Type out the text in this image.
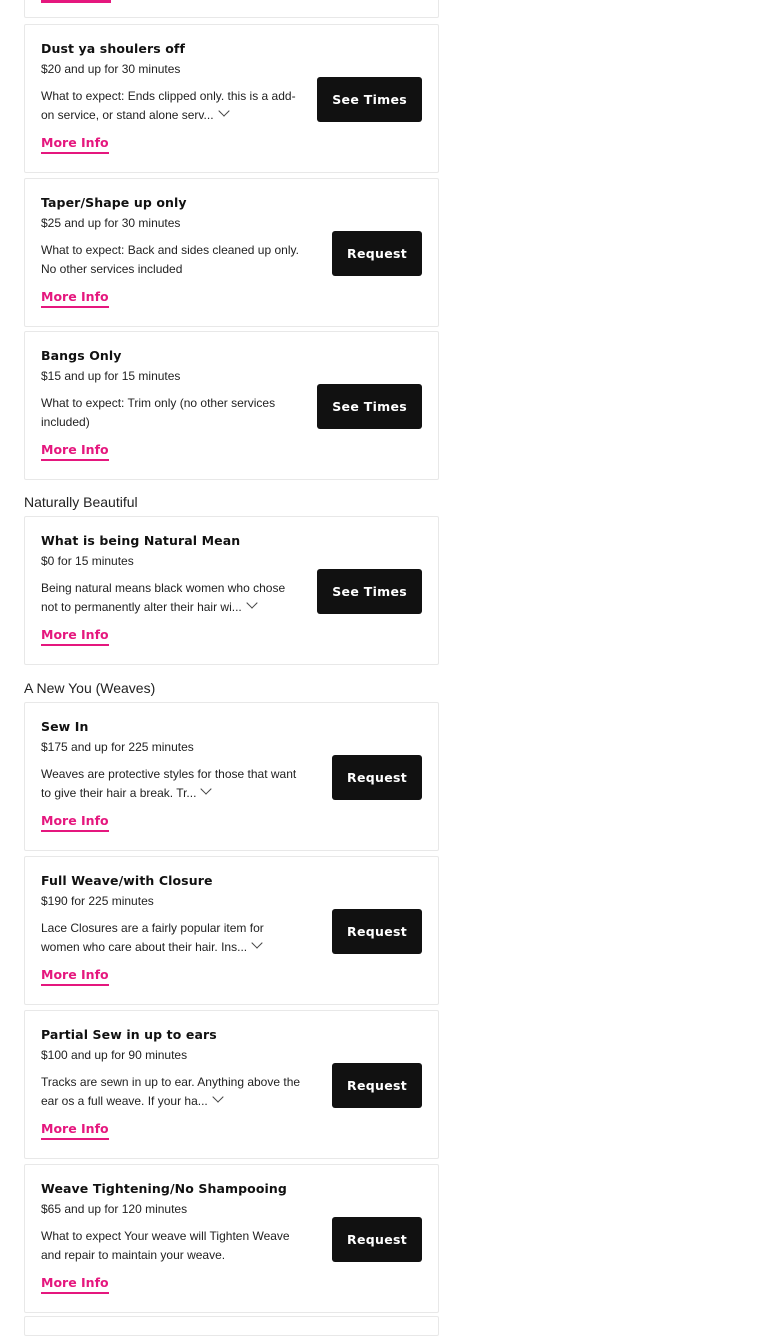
Dust ya shoulers off
$20 and up for 30 minutes
What to expect: Ends clipped only. this is a add-on service, or stand alone serv...
More Info
See Times
Taper/Shape up only
$25 and up for 30 minutes
What to expect: Back and sides cleaned up only. No other services included
More Info
Request
Bangs Only
$15 and up for 15 minutes
What to expect: Trim only (no other services included)
More Info
See Times
Naturally Beautiful
What is being Natural Mean
$0 for 15 minutes
Being natural means black women who chose not to permanently alter their hair wi...
More Info
See Times
A New You (Weaves)
Sew In
$175 and up for 225 minutes
Weaves are protective styles for those that want to give their hair a break. Tr...
More Info
Request
Full Weave/with Closure
$190 for 225 minutes
Lace Closures are a fairly popular item for women who care about their hair. Ins...
More Info
Request
Partial Sew in up to ears
$100 and up for 90 minutes
Tracks are sewn in up to ear. Anything above the ear os a full weave. If your ha...
More Info
Request
Weave Tightening/No Shampooing
$65 and up for 120 minutes
What to expect Your weave will Tighten Weave and repair to maintain your weave.
More Info
Request
